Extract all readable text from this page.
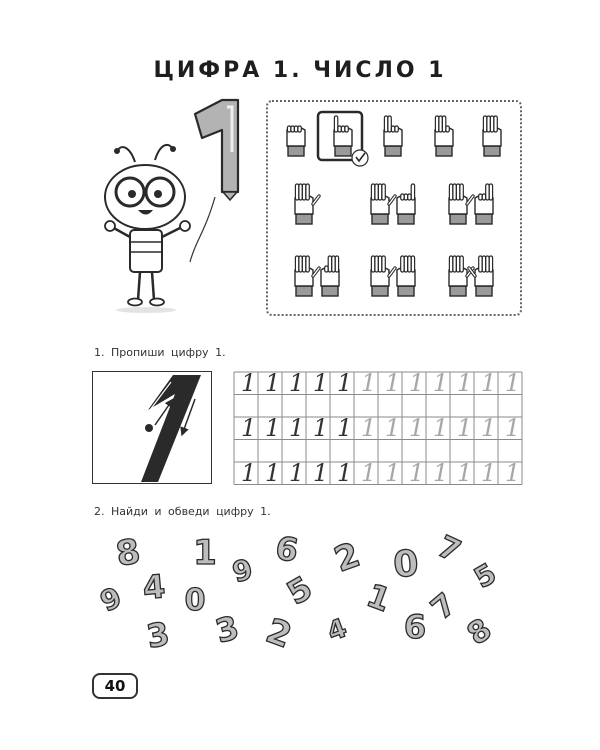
ЦИФРА 1. ЧИСЛО 1
1. Пропиши цифру 1.
1 1 1 1 1 1 1 1 1 1 1 1
1 1 1 1 1 1 1 1 1 1 1 1
1 1 1 1 1 1 1 1 1 1 1 1
2. Найди и обведи цифру 1.
8 1 6 2 0 7
9
4 0
9	5	5
3
1 7
3	2 4 6 8
40
